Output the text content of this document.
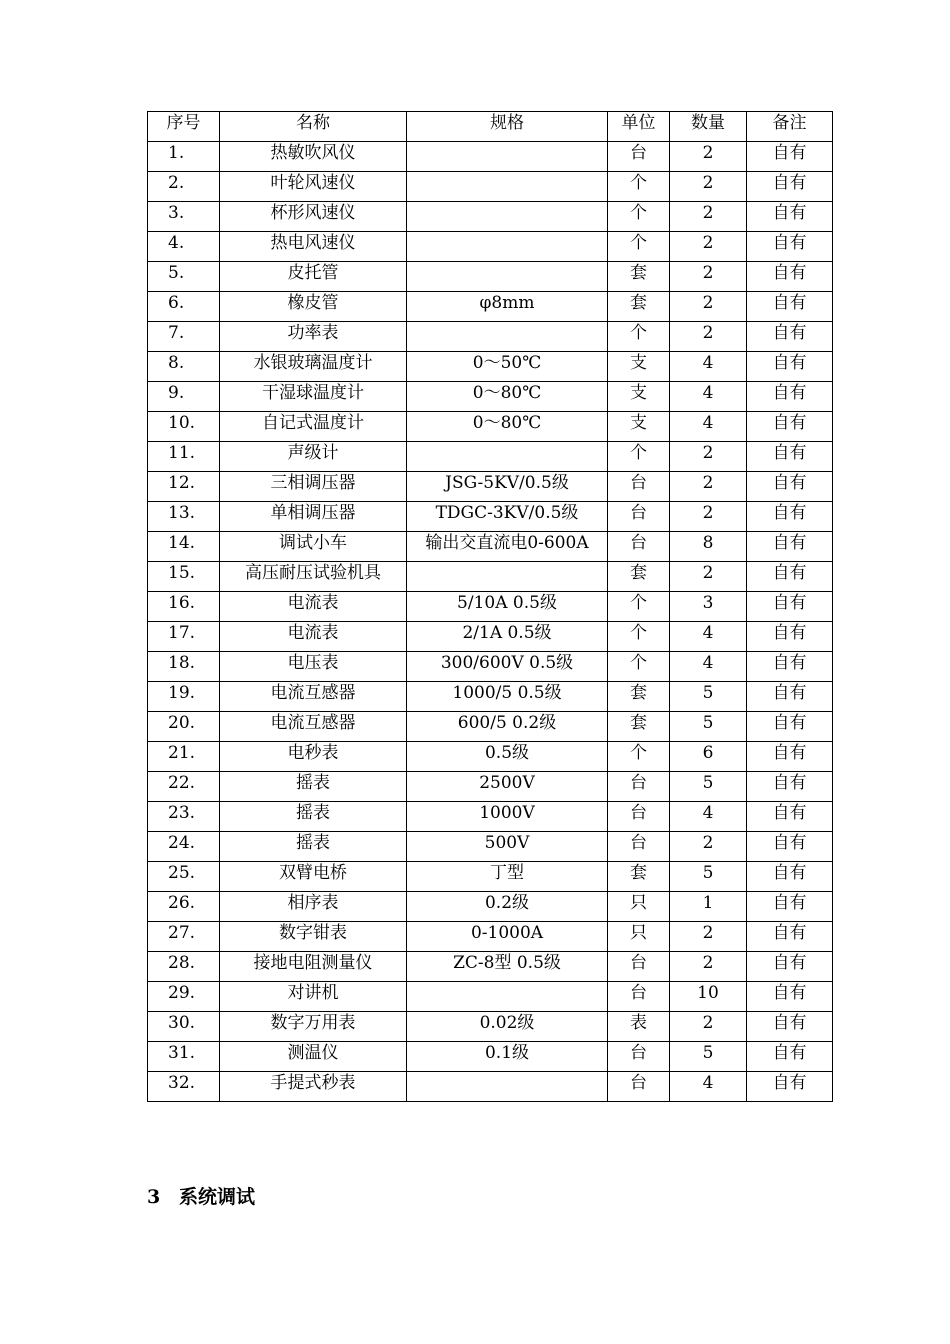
序号	名称	规格	单位	数量	备注
1.	热敏吹风仪		台	2	自有
2.	叶轮风速仪		个	2	自有
3.	杯形风速仪		个	2	自有
4.	热电风速仪		个	2	自有
5.	皮托管		套	2	自有
6.	橡皮管	φ8mm	套	2	自有
7.	功率表		个	2	自有
8.	水银玻璃温度计	0～50℃	支	4	自有
9.	干湿球温度计	0～80℃	支	4	自有
10.	自记式温度计	0～80℃	支	4	自有
11.	声级计		个	2	自有
12.	三相调压器	JSG-5KV/0.5级	台	2	自有
13.	单相调压器	TDGC-3KV/0.5级	台	2	自有
14.	调试小车	输出交直流电0-600A	台	8	自有
15.	高压耐压试验机具		套	2	自有
16.	电流表	5/10A 0.5级	个	3	自有
17.	电流表	2/1A 0.5级	个	4	自有
18.	电压表	300/600V 0.5级	个	4	自有
19.	电流互感器	1000/5 0.5级	套	5	自有
20.	电流互感器	600/5 0.2级	套	5	自有
21.	电秒表	0.5级	个	6	自有
22.	摇表	2500V	台	5	自有
23.	摇表	1000V	台	4	自有
24.	摇表	500V	台	2	自有
25.	双臂电桥	丁型	套	5	自有
26.	相序表	0.2级	只	1	自有
27.	数字钳表	0-1000A	只	2	自有
28.	接地电阻测量仪	ZC-8型 0.5级	台	2	自有
29.	对讲机		台	10	自有
30.	数字万用表	0.02级	表	2	自有
31.	测温仪	0.1级	台	5	自有
32.	手提式秒表		台	4	自有
3 系统调试
